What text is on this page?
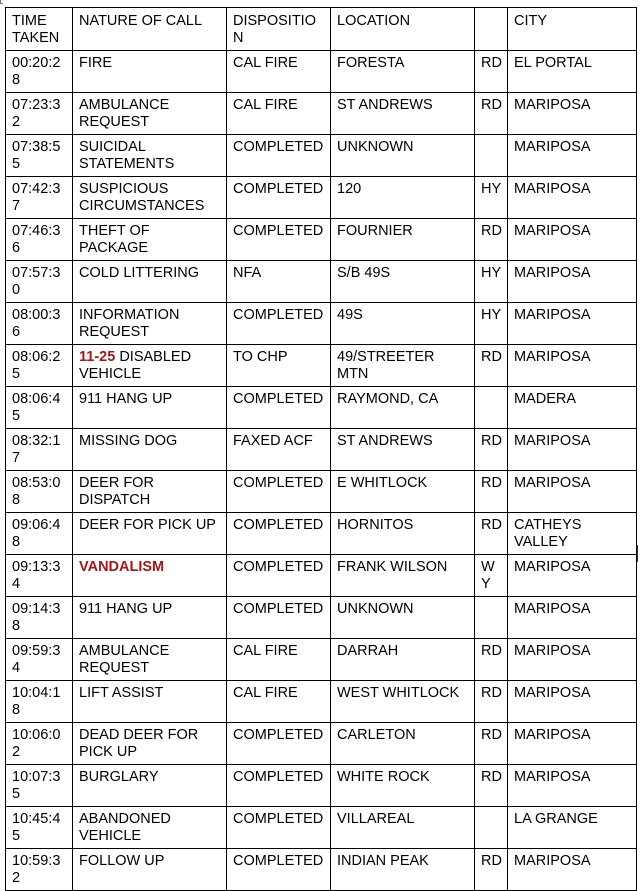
TIME TAKEN	NATURE OF CALL	DISPOSITION	LOCATION		CITY
00:20:28	FIRE	CAL FIRE	FORESTA	RD	EL PORTAL
07:23:32	AMBULANCE REQUEST	CAL FIRE	ST ANDREWS	RD	MARIPOSA
07:38:55	SUICIDAL STATEMENTS	COMPLETED	UNKNOWN		MARIPOSA
07:42:37	SUSPICIOUS CIRCUMSTANCES	COMPLETED	120	HY	MARIPOSA
07:46:36	THEFT OF PACKAGE	COMPLETED	FOURNIER	RD	MARIPOSA
07:57:30	COLD LITTERING	NFA	S/B 49S	HY	MARIPOSA
08:00:36	INFORMATION REQUEST	COMPLETED	49S	HY	MARIPOSA
08:06:25	11-25 DISABLED VEHICLE	TO CHP	49/STREETER MTN	RD	MARIPOSA
08:06:45	911 HANG UP	COMPLETED	RAYMOND, CA		MADERA
08:32:17	MISSING DOG	FAXED ACF	ST ANDREWS	RD	MARIPOSA
08:53:08	DEER FOR DISPATCH	COMPLETED	E WHITLOCK	RD	MARIPOSA
09:06:48	DEER FOR PICK UP	COMPLETED	HORNITOS	RD	CATHEYS VALLEY
09:13:34	VANDALISM	COMPLETED	FRANK WILSON	WY	MARIPOSA
09:14:38	911 HANG UP	COMPLETED	UNKNOWN		MARIPOSA
09:59:34	AMBULANCE REQUEST	CAL FIRE	DARRAH	RD	MARIPOSA
10:04:18	LIFT ASSIST	CAL FIRE	WEST WHITLOCK	RD	MARIPOSA
10:06:02	DEAD DEER FOR PICK UP	COMPLETED	CARLETON	RD	MARIPOSA
10:07:35	BURGLARY	COMPLETED	WHITE ROCK	RD	MARIPOSA
10:45:45	ABANDONED VEHICLE	COMPLETED	VILLAREAL		LA GRANGE
10:59:32	FOLLOW UP	COMPLETED	INDIAN PEAK	RD	MARIPOSA
